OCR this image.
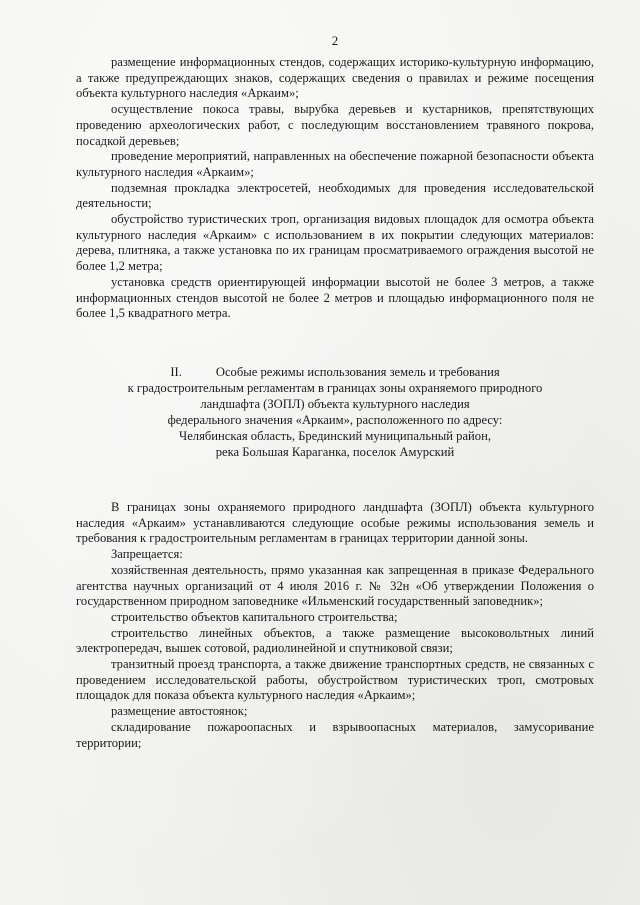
2

размещение информационных стендов, содержащих историко-культурную информацию, а также предупреждающих знаков, содержащих сведения о правилах и режиме посещения объекта культурного наследия «Аркаим»;

осуществление покоса травы, вырубка деревьев и кустарников, препятствующих проведению археологических работ, с последующим восстановлением травяного покрова, посадкой деревьев;

проведение мероприятий, направленных на обеспечение пожарной безопасности объекта культурного наследия «Аркаим»;

подземная прокладка электросетей, необходимых для проведения исследовательской деятельности;

обустройство туристических троп, организация видовых площадок для осмотра объекта культурного наследия «Аркаим» с использованием в их покрытии следующих материалов: дерева, плитняка, а также установка по их границам просматриваемого ограждения высотой не более 1,2 метра;

установка средств ориентирующей информации высотой не более 3 метров, а также информационных стендов высотой не более 2 метров и площадью информационного поля не более 1,5 квадратного метра.

II.	Особые режимы использования земель и требования
к градостроительным регламентам в границах зоны охраняемого природного
ландшафта (ЗОПЛ) объекта культурного наследия
федерального значения «Аркаим», расположенного по адресу:
Челябинская область, Брединский муниципальный район,
река Большая Караганка, поселок Амурский

В границах зоны охраняемого природного ландшафта (ЗОПЛ) объекта культурного наследия «Аркаим» устанавливаются следующие особые режимы использования земель и требования к градостроительным регламентам в границах территории данной зоны.

Запрещается:

хозяйственная деятельность, прямо указанная как запрещенная в приказе Федерального агентства научных организаций от 4 июля 2016 г. № 32н «Об утверждении Положения о государственном природном заповеднике «Ильменский государственный заповедник»;

строительство объектов капитального строительства;

строительство линейных объектов, а также размещение высоковольтных линий электропередач, вышек сотовой, радиолинейной и спутниковой связи;

транзитный проезд транспорта, а также движение транспортных средств, не связанных с проведением исследовательской работы, обустройством туристических троп, смотровых площадок для показа объекта культурного наследия «Аркаим»;

размещение автостоянок;

складирование пожароопасных и взрывоопасных материалов, замусоривание территории;
